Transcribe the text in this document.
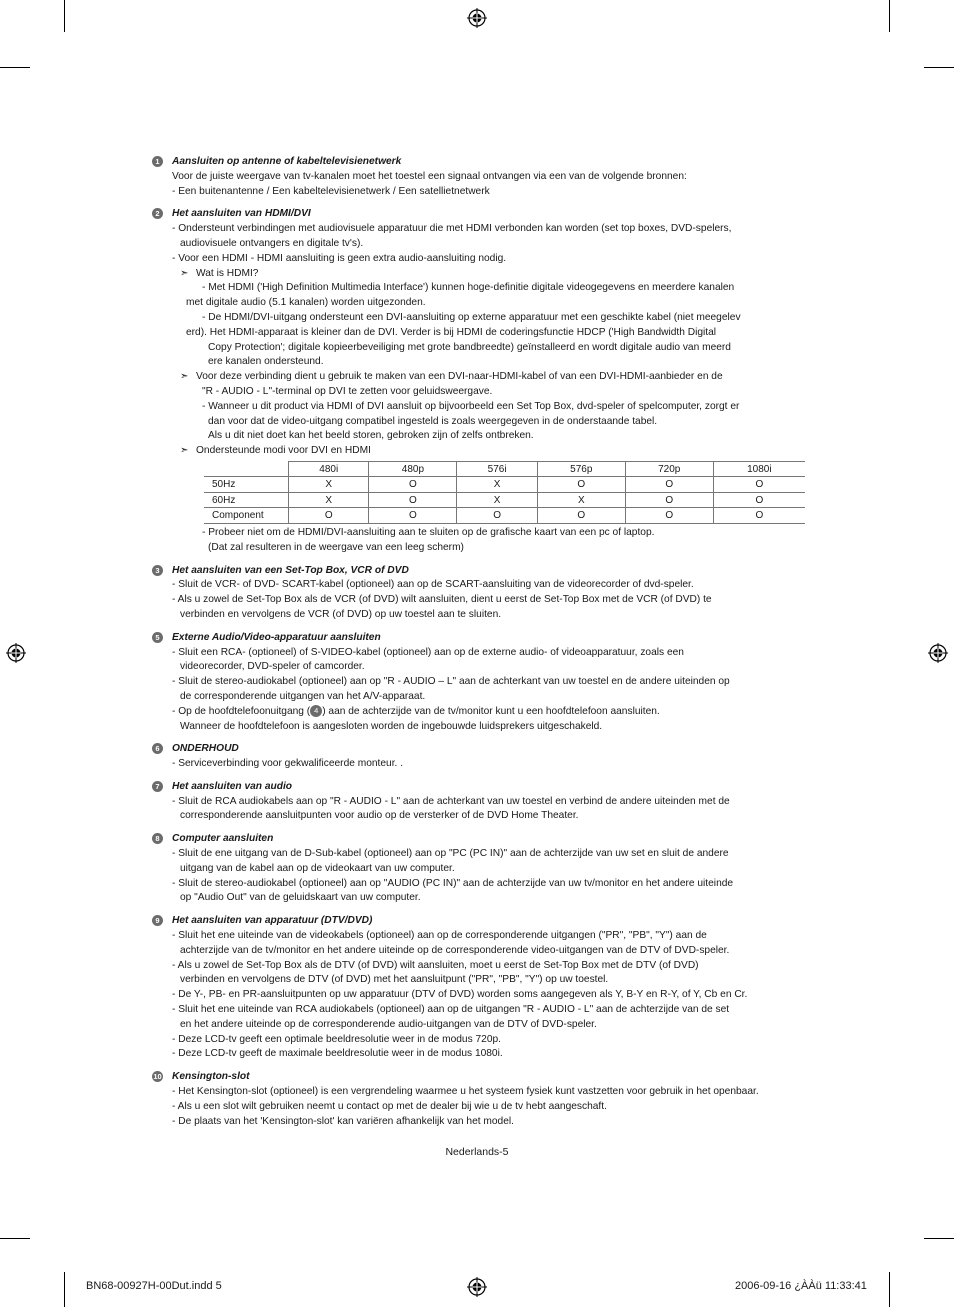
1	Aansluiten op antenne of kabeltelevisienetwerk
Voor de juiste weergave van tv-kanalen moet het toestel een signaal ontvangen via een van de volgende bronnen:
- Een buitenantenne / Een kabeltelevisienetwerk / Een satellietnetwerk
2	Het aansluiten van HDMI/DVI
- Ondersteunt verbindingen met audiovisuele apparatuur die met HDMI verbonden kan worden (set top boxes, DVD-spelers,
audiovisuele ontvangers en digitale tv's).
- Voor een HDMI - HDMI aansluiting is geen extra audio-aansluiting nodig.
➣ Wat is HDMI?
- Met HDMI ('High Definition Multimedia Interface') kunnen hoge-definitie digitale videogegevens en meerdere kanalen
met digitale audio (5.1 kanalen) worden uitgezonden.
- De HDMI/DVI-uitgang ondersteunt een DVI-aansluiting op externe apparatuur met een geschikte kabel (niet meegelev
erd). Het HDMI-apparaat is kleiner dan de DVI. Verder is bij HDMI de coderingsfunctie HDCP ('High Bandwidth Digital
Copy Protection'; digitale kopieerbeveiliging met grote bandbreedte) geïnstalleerd en wordt digitale audio van meerd
ere kanalen ondersteund.
➣ Voor deze verbinding dient u gebruik te maken van een DVI-naar-HDMI-kabel of van een DVI-HDMI-aanbieder en de
"R - AUDIO - L"-terminal op DVI te zetten voor geluidsweergave.
- Wanneer u dit product via HDMI of DVI aansluit op bijvoorbeeld een Set Top Box, dvd-speler of spelcomputer, zorgt er
dan voor dat de video-uitgang compatibel ingesteld is zoals weergegeven in de onderstaande tabel.
Als u dit niet doet kan het beeld storen, gebroken zijn of zelfs ontbreken.
➣ Ondersteunde modi voor DVI en HDMI
	480i	480p	576i	576p	720p	1080i
50Hz	X	O	X	O	O	O
60Hz	X	O	X	X	O	O
Component	O	O	O	O	O	O
- Probeer niet om de HDMI/DVI-aansluiting aan te sluiten op de grafische kaart van een pc of laptop.
(Dat zal resulteren in de weergave van een leeg scherm)
3	Het aansluiten van een Set-Top Box, VCR of DVD
- Sluit de VCR- of DVD- SCART-kabel (optioneel) aan op de SCART-aansluiting van de videorecorder of dvd-speler.
- Als u zowel de Set-Top Box als de VCR (of DVD) wilt aansluiten, dient u eerst de Set-Top Box met de VCR (of DVD) te
verbinden en vervolgens de VCR (of DVD) op uw toestel aan te sluiten.
5	Externe Audio/Video-apparatuur aansluiten
- Sluit een RCA- (optioneel) of S-VIDEO-kabel (optioneel) aan op de externe audio- of videoapparatuur, zoals een
videorecorder, DVD-speler of camcorder.
- Sluit de stereo-audiokabel (optioneel) aan op "R - AUDIO – L" aan de achterkant van uw toestel en de andere uiteinden op
de corresponderende uitgangen van het A/V-apparaat.
- Op de hoofdtelefoonuitgang ( 4 ) aan de achterzijde van de tv/monitor kunt u een hoofdtelefoon aansluiten.
Wanneer de hoofdtelefoon is aangesloten worden de ingebouwde luidsprekers uitgeschakeld.
6	ONDERHOUD
- Serviceverbinding voor gekwalificeerde monteur. .
7	Het aansluiten van audio
- Sluit de RCA audiokabels aan op "R - AUDIO - L" aan de achterkant van uw toestel en verbind de andere uiteinden met de
corresponderende aansluitpunten voor audio op de versterker of de DVD Home Theater.
8	Computer aansluiten
- Sluit de ene uitgang van de D-Sub-kabel (optioneel) aan op "PC (PC IN)" aan de achterzijde van uw set en sluit de andere
uitgang van de kabel aan op de videokaart van uw computer.
- Sluit de stereo-audiokabel (optioneel) aan op "AUDIO (PC IN)" aan de achterzijde van uw tv/monitor en het andere uiteinde
op "Audio Out" van de geluidskaart van uw computer.
9	Het aansluiten van apparatuur (DTV/DVD)
- Sluit het ene uiteinde van de videokabels (optioneel) aan op de corresponderende uitgangen ("PR", "PB", "Y") aan de
achterzijde van de tv/monitor en het andere uiteinde op de corresponderende video-uitgangen van de DTV of DVD-speler.
- Als u zowel de Set-Top Box als de DTV (of DVD) wilt aansluiten, moet u eerst de Set-Top Box met de DTV (of DVD)
verbinden en vervolgens de DTV (of DVD) met het aansluitpunt ("PR", "PB", "Y") op uw toestel.
- De Y-, PB- en PR-aansluitpunten op uw apparatuur (DTV of DVD) worden soms aangegeven als Y, B-Y en R-Y, of Y, Cb en Cr.
- Sluit het ene uiteinde van RCA audiokabels (optioneel) aan op de uitgangen "R - AUDIO - L" aan de achterzijde van de set
en het andere uiteinde op de corresponderende audio-uitgangen van de DTV of DVD-speler.
- Deze LCD-tv geeft een optimale beeldresolutie weer in de modus 720p.
- Deze LCD-tv geeft de maximale beeldresolutie weer in de modus 1080i.
10 Kensington-slot
- Het Kensington-slot (optioneel) is een vergrendeling waarmee u het systeem fysiek kunt vastzetten voor gebruik in het openbaar.
- Als u een slot wilt gebruiken neemt u contact op met de dealer bij wie u de tv hebt aangeschaft.
- De plaats van het 'Kensington-slot' kan variëren afhankelijk van het model.
Nederlands-5
BN68-00927H-00Dut.indd 5	2006-09-16 ¿ÀÀü 11:33:41
